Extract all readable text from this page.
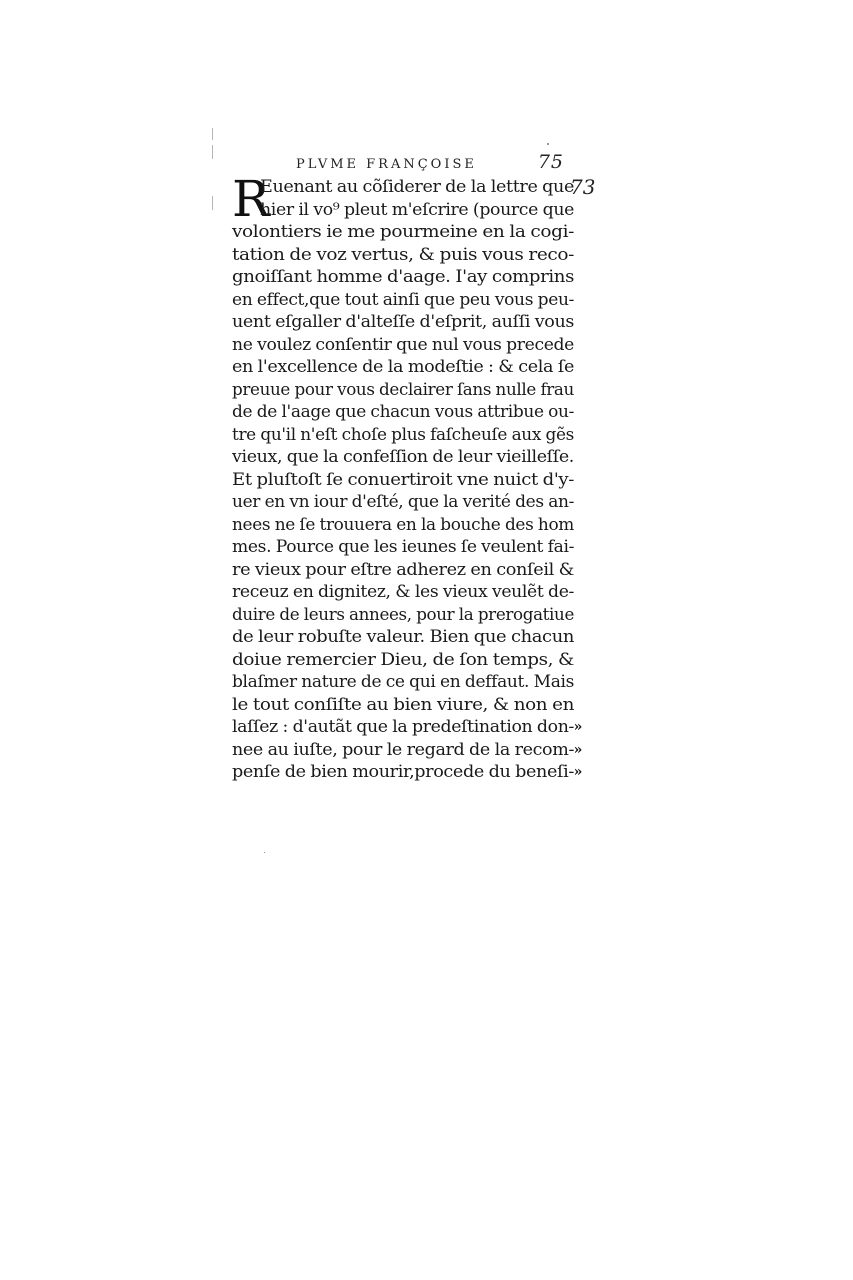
PLVME FRANÇOISE	75
73
R
Euenant au cõſiderer de la lettre que
hier il vo⁹ pleut m'eſcrire (pource que
volontiers ie me pourmeine en la cogi-
tation de voz vertus, & puis vous reco-
gnoiſſant homme d'aage. I'ay comprins
en effect,que tout ainſi que peu vous peu-
uent eſgaller d'alteſſe d'eſprit, auſſi vous
ne voulez conſentir que nul vous precede
en l'excellence de la modeſtie : & cela ſe
preuue pour vous declairer ſans nulle frau
de de l'aage que chacun vous attribue ou-
tre qu'il n'eſt choſe plus faſcheuſe aux gẽs
vieux, que la confeſſion de leur vieilleſſe.
Et pluſtoſt ſe conuertiroit vne nuict d'y-
uer en vn iour d'eſté, que la verité des an-
nees ne ſe trouuera en la bouche des hom
mes. Pource que les ieunes ſe veulent fai-
re vieux pour eſtre adherez en conſeil &
receuz en dignitez, & les vieux veulẽt de-
duire de leurs annees, pour la prerogatiue
de leur robuſte valeur. Bien que chacun
doiue remercier Dieu, de ſon temps, &
blaſmer nature de ce qui en deffaut. Mais
le tout conſiſte au bien viure, & non en
laſſez : d'autãt que la predeſtination don- »
nee au iuſte, pour le regard de la recom- »
penſe de bien mourir,procede du beneſi- »
